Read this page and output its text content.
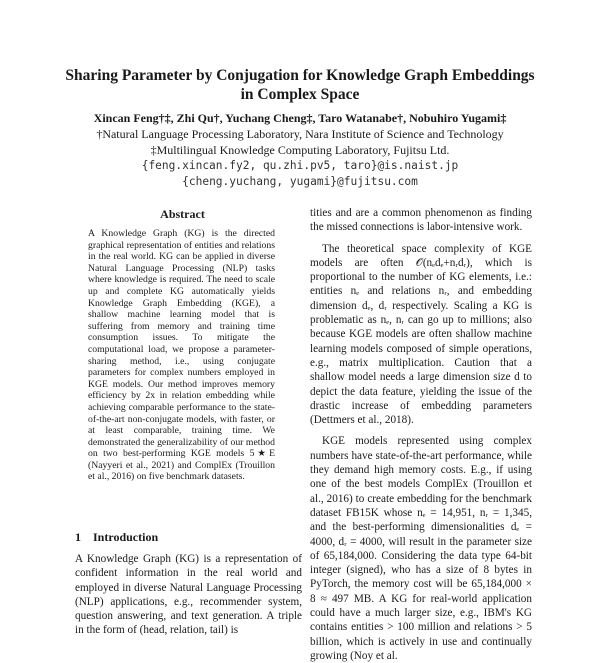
Sharing Parameter by Conjugation for Knowledge Graph Embeddings in Complex Space

Xincan Feng†‡, Zhi Qu†, Yuchang Cheng‡, Taro Watanabe†, Nobuhiro Yugami‡

†Natural Language Processing Laboratory, Nara Institute of Science and Technology

‡Multilingual Knowledge Computing Laboratory, Fujitsu Ltd.

{feng.xincan.fy2, qu.zhi.pv5, taro}@is.naist.jp

{cheng.yuchang, yugami}@fujitsu.com

Abstract

A Knowledge Graph (KG) is the directed graphical representation of entities and relations in the real world. KG can be applied in diverse Natural Language Processing (NLP) tasks where knowledge is required. The need to scale up and complete KG automatically yields Knowledge Graph Embedding (KGE), a shallow machine learning model that is suffering from memory and training time consumption issues. To mitigate the computational load, we propose a parameter-sharing method, i.e., using conjugate parameters for complex numbers employed in KGE models. Our method improves memory efficiency by 2x in relation embedding while achieving comparable performance to the state-of-the-art non-conjugate models, with faster, or at least comparable, training time. We demonstrated the generalizability of our method on two best-performing KGE models 5★E (Nayyeri et al., 2021) and ComplEx (Trouillon et al., 2016) on five benchmark datasets.

1 Introduction

A Knowledge Graph (KG) is a representation of confident information in the real world and employed in diverse Natural Language Processing (NLP) applications, e.g., recommender system, question answering, and text generation. A triple in the form of (head, relation, tail) is

tities and are a common phenomenon as finding the missed connections is labor-intensive work.

The theoretical space complexity of KGE models are often 𝒪(nₑdₑ+nᵣdᵣ), which is proportional to the number of KG elements, i.e.: entities nₑ and relations nᵣ, and embedding dimension dₑ, dᵣ respectively. Scaling a KG is problematic as nₑ, nᵣ can go up to millions; also because KGE models are often shallow machine learning models composed of simple operations, e.g., matrix multiplication. Caution that a shallow model needs a large dimension size d to depict the data feature, yielding the issue of the drastic increase of embedding parameters (Dettmers et al., 2018).

KGE models represented using complex numbers have state-of-the-art performance, while they demand high memory costs. E.g., if using one of the best models ComplEx (Trouillon et al., 2016) to create embedding for the benchmark dataset FB15K whose nₑ = 14,951, nᵣ = 1,345, and the best-performing dimensionalities dₑ = 4000, dᵣ = 4000, will result in the parameter size of 65,184,000. Considering the data type 64-bit integer (signed), who has a size of 8 bytes in PyTorch, the memory cost will be 65,184,000 × 8 ≈ 497 MB. A KG for real-world application could have a much larger size, e.g., IBM's KG contains entities > 100 million and relations > 5 billion, which is actively in use and continually growing (Noy et al.
